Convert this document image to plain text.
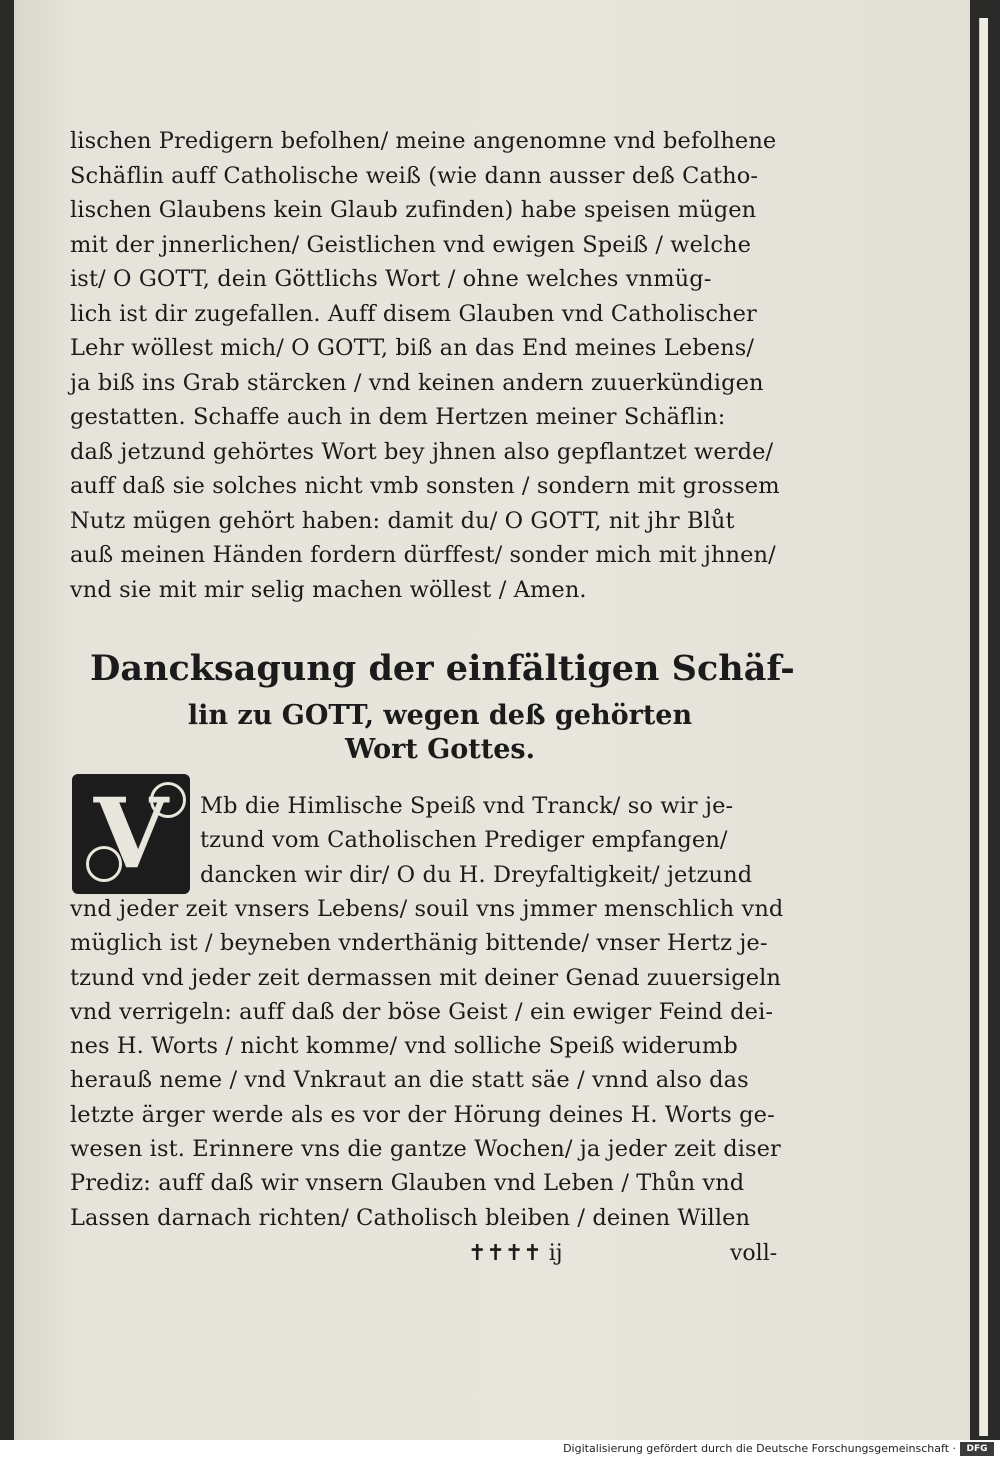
lischen Predigern befolhen/ meine angenomne vnd befolhene
Schäflin auff Catholische weiß (wie dann ausser deß Catho-
lischen Glaubens kein Glaub zufinden) habe speisen mügen
mit der jnnerlichen/ Geistlichen vnd ewigen Speiß / welche
ist/ O GOTT, dein Göttlichs Wort / ohne welches vnmüg-
lich ist dir zugefallen. Auff disem Glauben vnd Catholischer
Lehr wöllest mich/ O GOTT, biß an das End meines Lebens/
ja biß ins Grab stärcken / vnd keinen andern zuuerkündigen
gestatten. Schaffe auch in dem Hertzen meiner Schäflin:
daß jetzund gehörtes Wort bey jhnen also gepflantzet werde/
auff daß sie solches nicht vmb sonsten / sondern mit grossem
Nutz mügen gehört haben: damit du/ O GOTT, nit jhr Blůt
auß meinen Händen fordern dürffest/ sonder mich mit jhnen/
vnd sie mit mir selig machen wöllest / Amen.
Dancksagung der einfältigen Schäf-
lin zu GOTT, wegen deß gehörten
Wort Gottes.
Mb die Himlische Speiß vnd Tranck/ so wir je-
tzund vom Catholischen Prediger empfangen/
dancken wir dir/ O du H. Dreyfaltigkeit/ jetzund
vnd jeder zeit vnsers Lebens/ souil vns jmmer menschlich vnd
müglich ist / beyneben vnderthänig bittende/ vnser Hertz je-
tzund vnd jeder zeit dermassen mit deiner Genad zuuersigeln
vnd verrigeln: auff daß der böse Geist / ein ewiger Feind dei-
nes H. Worts / nicht komme/ vnd solliche Speiß widerumb
herauß neme / vnd Vnkraut an die statt säe / vnnd also das
letzte ärger werde als es vor der Hörung deines H. Worts ge-
wesen ist. Erinnere vns die gantze Wochen/ ja jeder zeit diser
Prediz: auff daß wir vnsern Glauben vnd Leben / Thůn vnd
Lassen darnach richten/ Catholisch bleiben / deinen Willen
V
✝✝✝✝ ij	voll-
Digitalisierung gefördert durch die Deutsche Forschungsgemeinschaft ·	DFG
